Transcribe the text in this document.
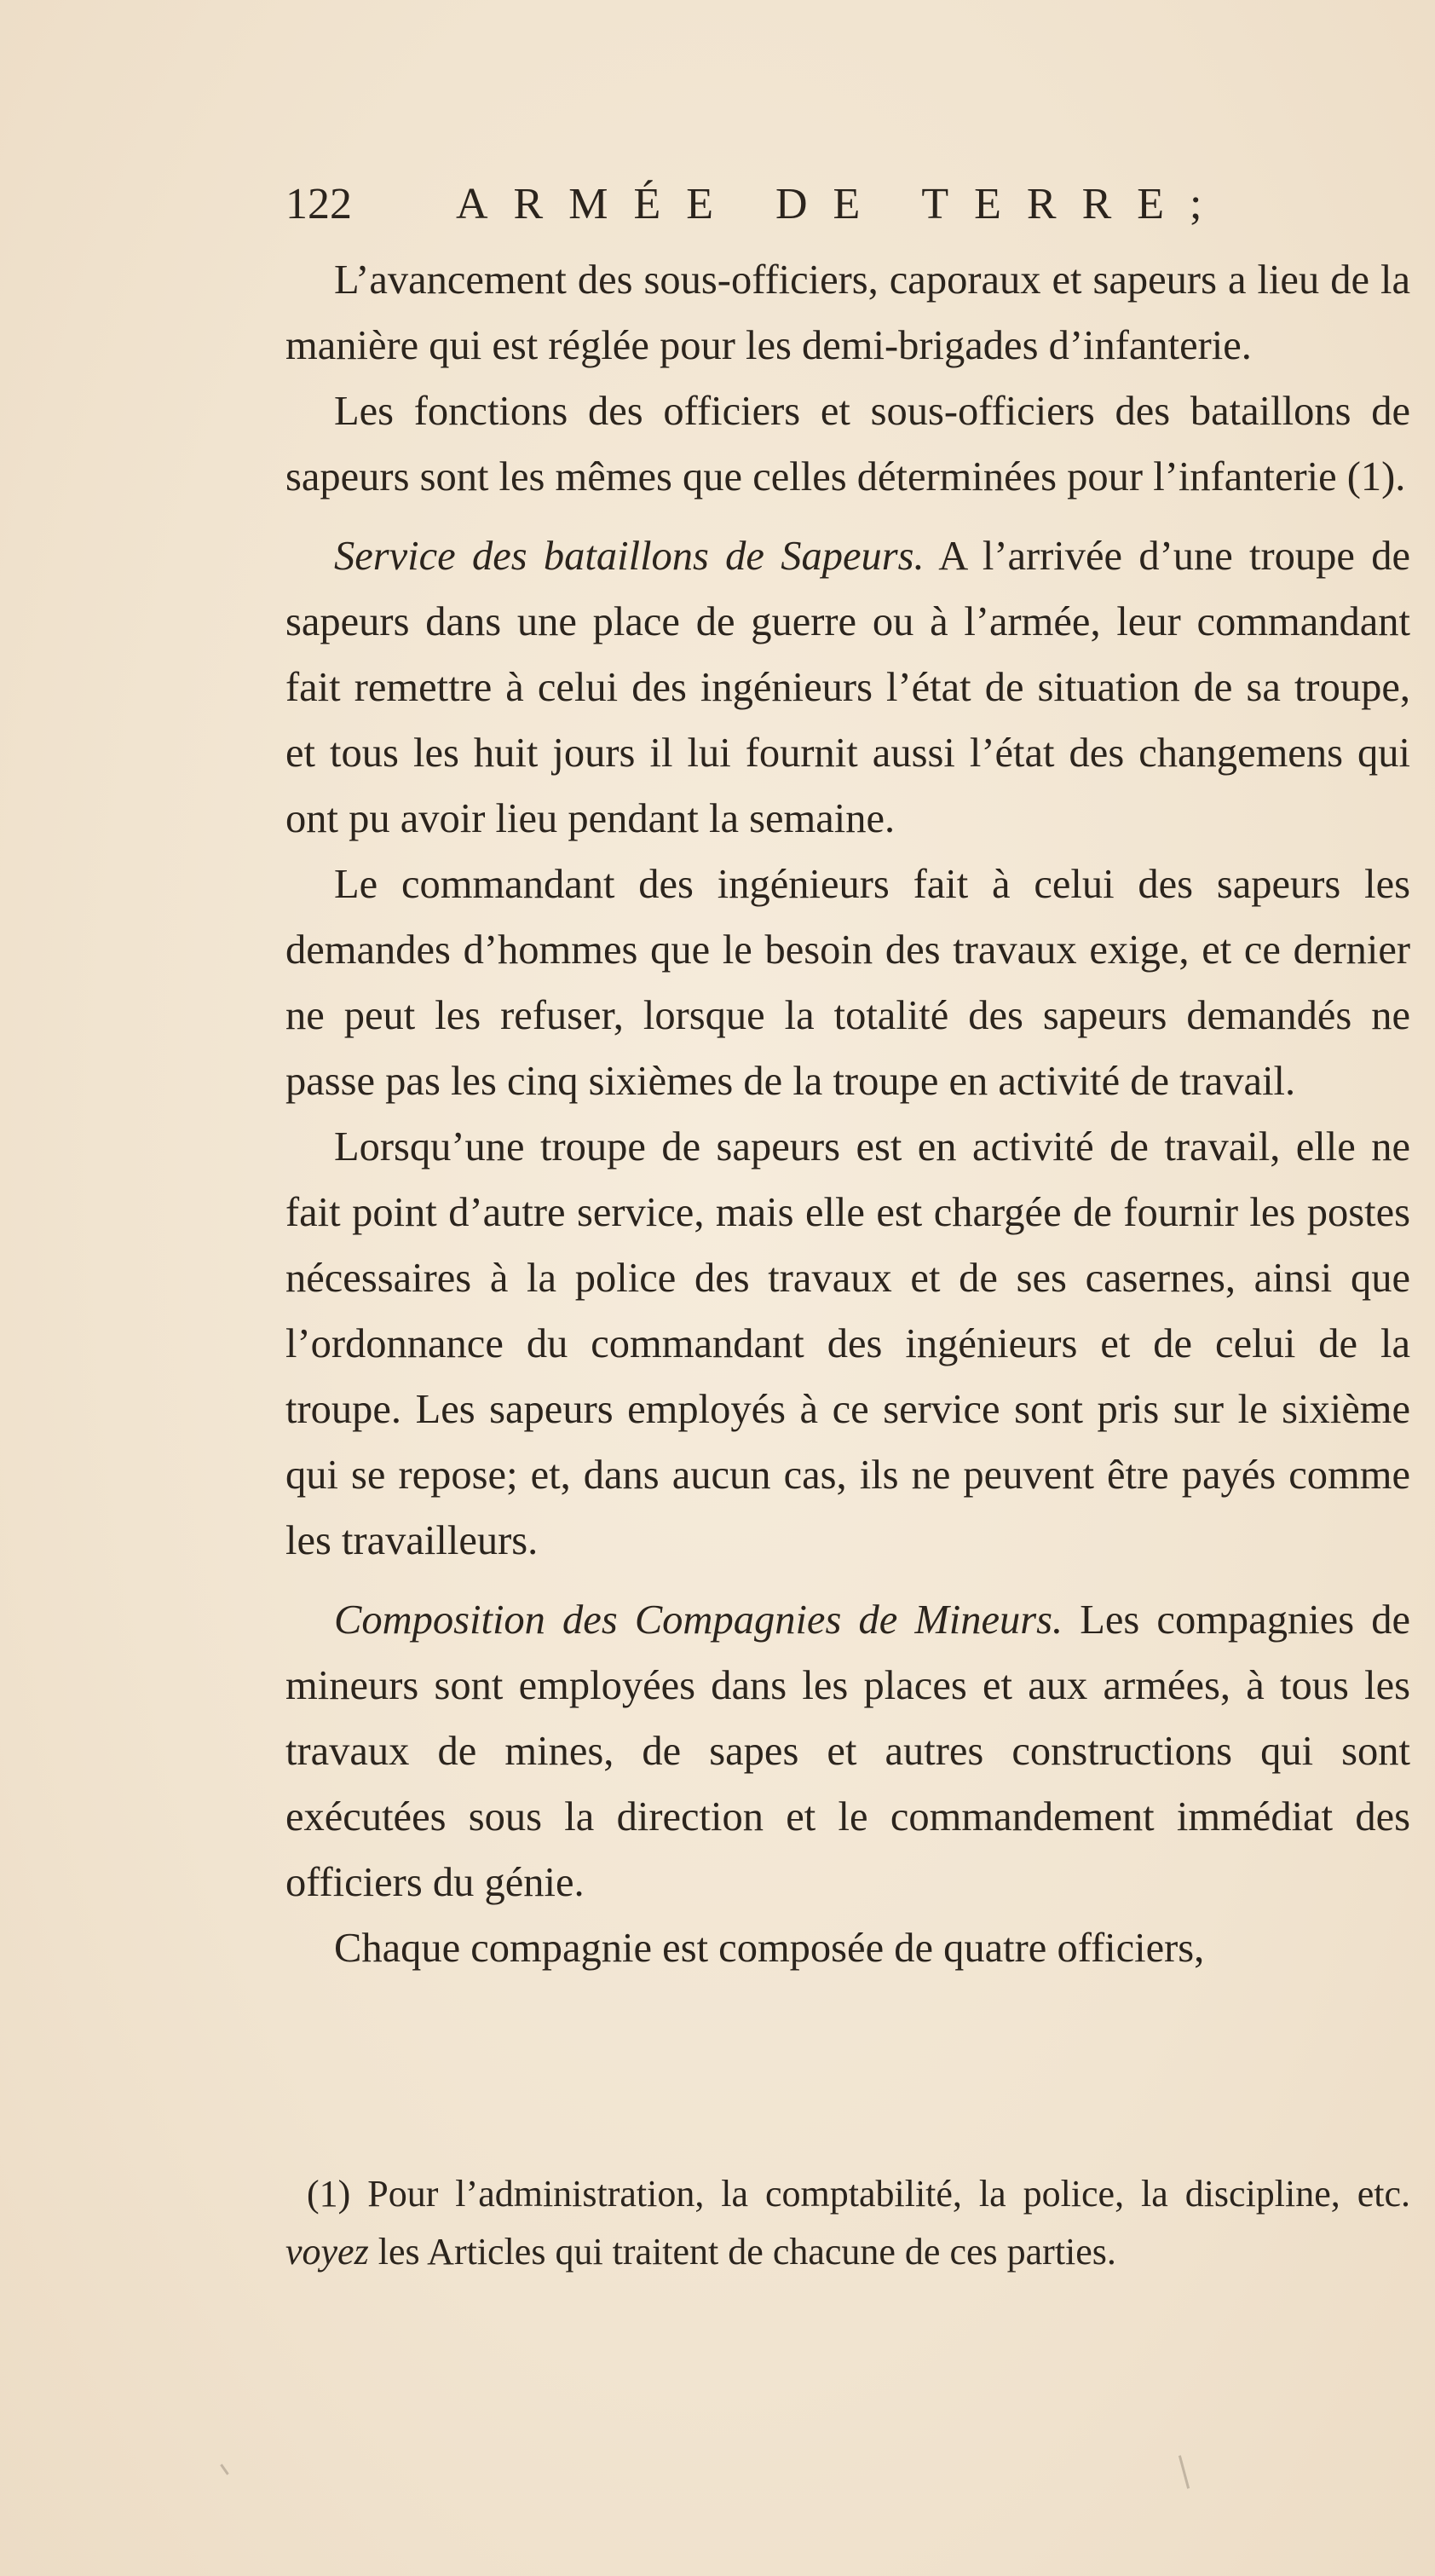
122 ARMÉE DE TERRE;

L’avancement des sous-officiers, caporaux et sapeurs a lieu de la manière qui est réglée pour les demi-brigades d’infanterie.

Les fonctions des officiers et sous-officiers des bataillons de sapeurs sont les mêmes que celles déterminées pour l’infanterie (1).

Service des bataillons de Sapeurs. A l’arrivée d’une troupe de sapeurs dans une place de guerre ou à l’armée, leur commandant fait remettre à celui des ingénieurs l’état de situation de sa troupe, et tous les huit jours il lui fournit aussi l’état des changemens qui ont pu avoir lieu pendant la semaine.

Le commandant des ingénieurs fait à celui des sapeurs les demandes d’hommes que le besoin des travaux exige, et ce dernier ne peut les refuser, lorsque la totalité des sapeurs demandés ne passe pas les cinq sixièmes de la troupe en activité de travail.

Lorsqu’une troupe de sapeurs est en activité de travail, elle ne fait point d’autre service, mais elle est chargée de fournir les postes nécessaires à la police des travaux et de ses casernes, ainsi que l’ordonnance du commandant des ingénieurs et de celui de la troupe. Les sapeurs employés à ce service sont pris sur le sixième qui se repose; et, dans aucun cas, ils ne peuvent être payés comme les travailleurs.

Composition des Compagnies de Mineurs. Les compagnies de mineurs sont employées dans les places et aux armées, à tous les travaux de mines, de sapes et autres constructions qui sont exécutées sous la direction et le commandement immédiat des officiers du génie.

Chaque compagnie est composée de quatre officiers,

(1) Pour l’administration, la comptabilité, la police, la discipline, etc. voyez les Articles qui traitent de chacune de ces parties.
